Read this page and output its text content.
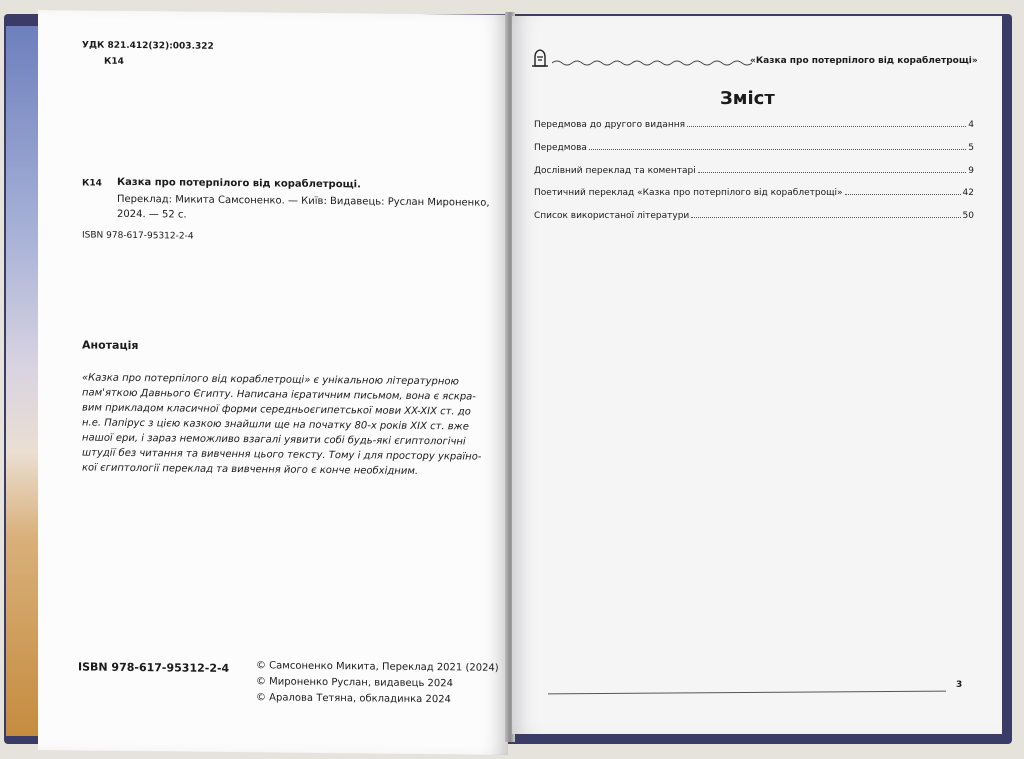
УДК 821.412(32):003.322
К14
К14 Казка про потерпілого від кораблетрощі.
Переклад: Микита Самсоненко. — Київ: Видавець: Руслан Мироненко,
2024. — 52 с.
ISBN 978-617-95312-2-4
Анотація
«Казка про потерпілого від кораблетрощі» є унікальною літературною
пам'яткою Давнього Єгипту. Написана ієратичним письмом, вона є яскра-
вим прикладом класичної форми середньоєгипетської мови XX-XIX ст. до
н.е. Папірус з цією казкою знайшли ще на початку 80-х років XIX ст. вже
нашої ери, і зараз неможливо взагалі уявити собі будь-які єгиптологічні
штудії без читання та вивчення цього тексту. Тому і для простору україно-
кої єгиптології переклад та вивчення його є конче необхідним.
ISBN 978-617-95312-2-4	© Самсоненко Микита, Переклад 2021 (2024)
© Мироненко Руслан, видавець 2024
© Аралова Тетяна, обкладинка 2024
«Казка про потерпілого від кораблетрощі»
Зміст
Передмова до другого видання	4
Передмова	5
Дослівний переклад та коментарі	9
Поетичний переклад «Казка про потерпілого від кораблетрощі»	42
Список використаної літератури	50
3
